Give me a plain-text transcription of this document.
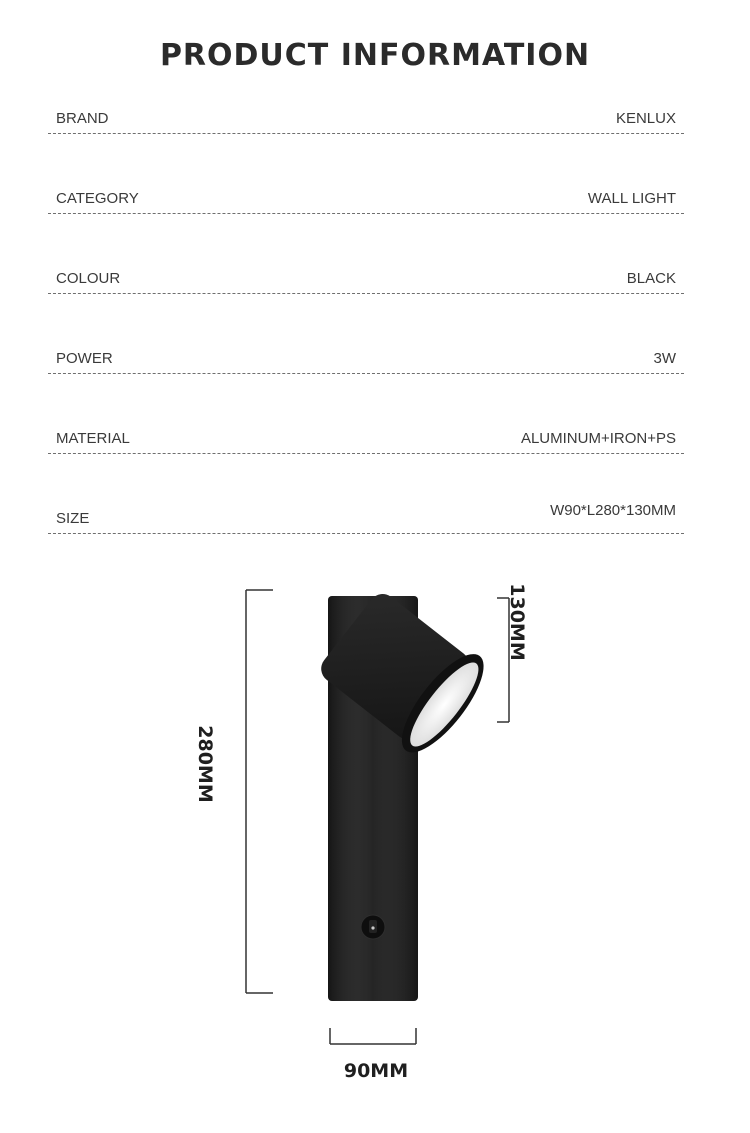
PRODUCT INFORMATION
BRAND	KENLUX
CATEGORY	WALL LIGHT
COLOUR	BLACK
POWER	3W
MATERIAL	ALUMINUM+IRON+PS
SIZE	W90*L280*130MM
280MM
130MM
90MM
